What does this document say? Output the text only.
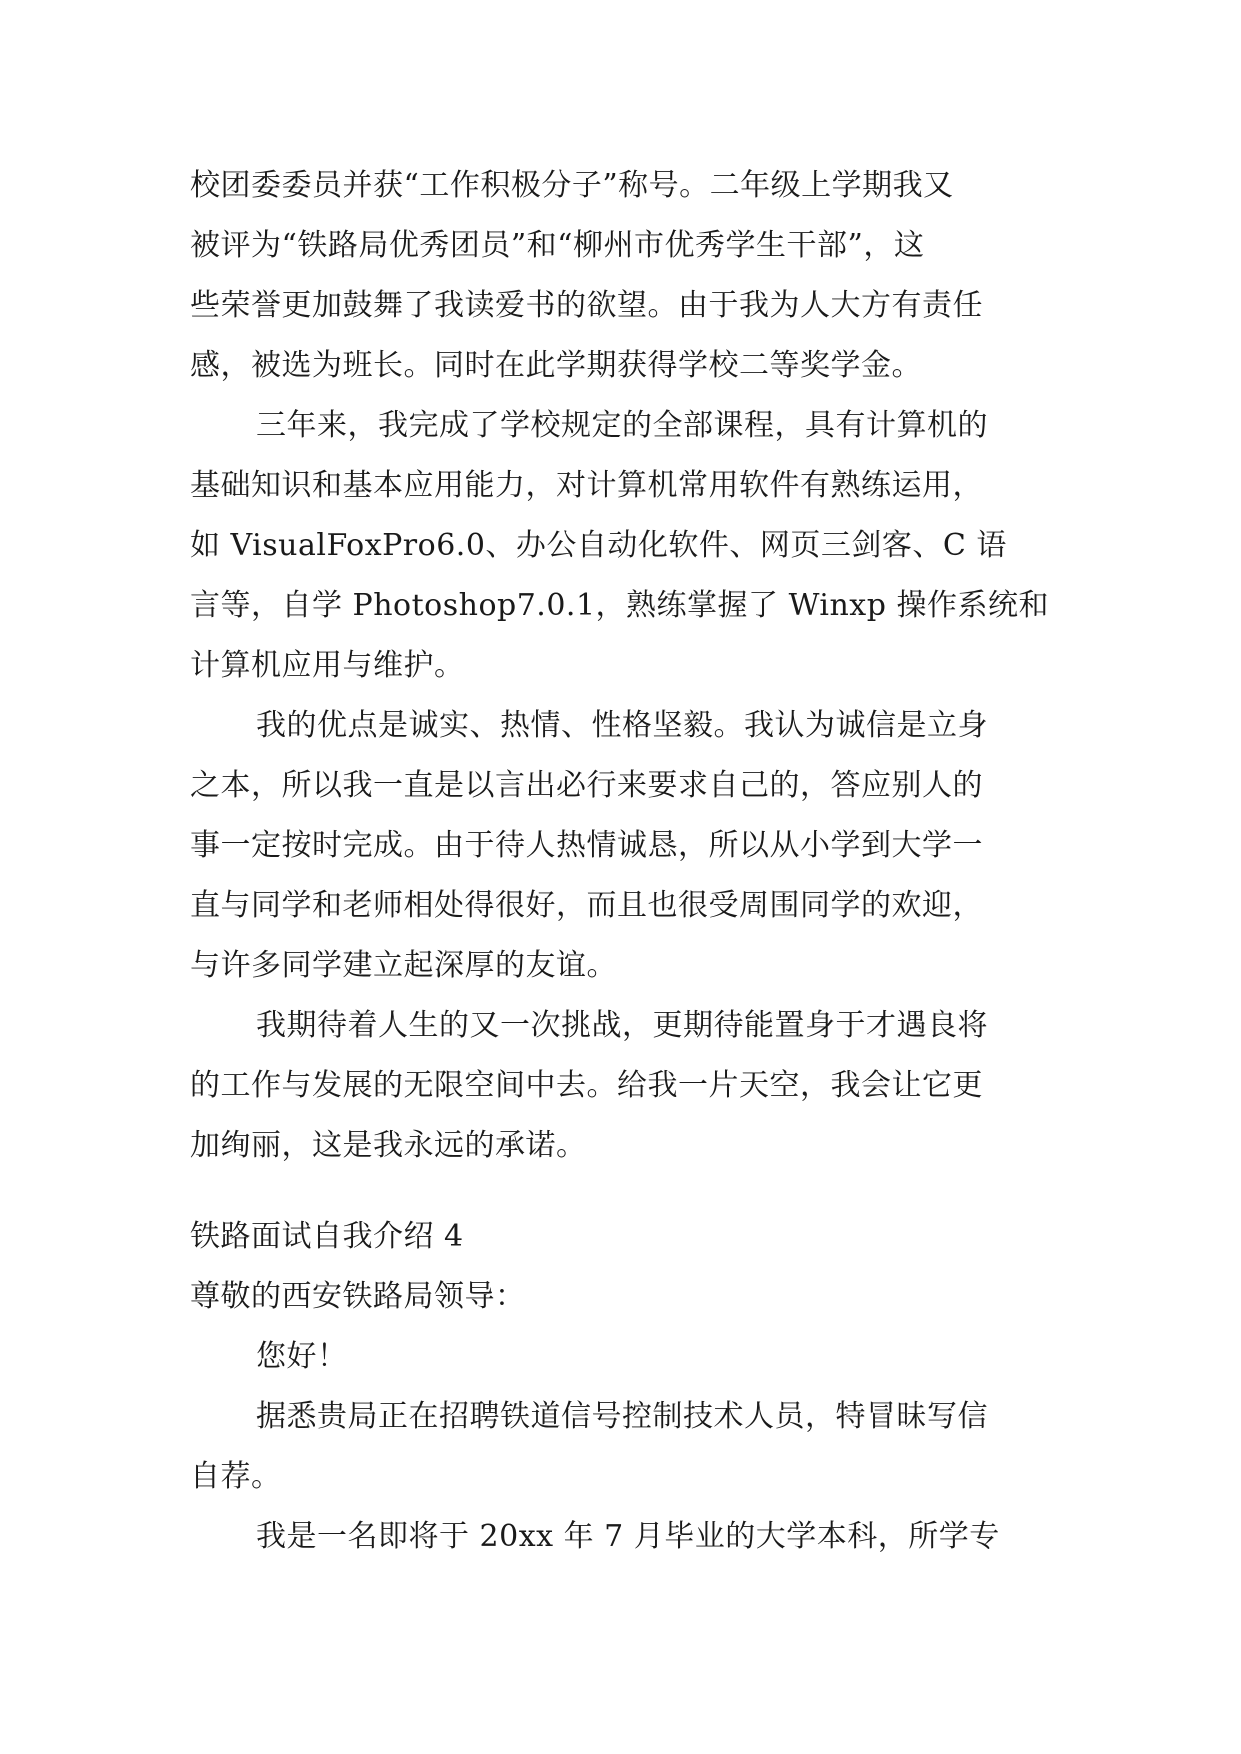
校团委委员并获“工作积极分子”称号。二年级上学期我又
被评为“铁路局优秀团员”和“柳州市优秀学生干部”，这
些荣誉更加鼓舞了我读爱书的欲望。由于我为人大方有责任
感，被选为班长。同时在此学期获得学校二等奖学金。
三年来，我完成了学校规定的全部课程，具有计算机的
基础知识和基本应用能力，对计算机常用软件有熟练运用，
如 VisualFoxPro6.0、办公自动化软件、网页三剑客、C 语
言等，自学 Photoshop7.0.1，熟练掌握了 Winxp 操作系统和
计算机应用与维护。
我的优点是诚实、热情、性格坚毅。我认为诚信是立身
之本，所以我一直是以言出必行来要求自己的，答应别人的
事一定按时完成。由于待人热情诚恳，所以从小学到大学一
直与同学和老师相处得很好，而且也很受周围同学的欢迎，
与许多同学建立起深厚的友谊。
我期待着人生的又一次挑战，更期待能置身于才遇良将
的工作与发展的无限空间中去。给我一片天空，我会让它更
加绚丽，这是我永远的承诺。
铁路面试自我介绍 4
尊敬的西安铁路局领导：
您好！
据悉贵局正在招聘铁道信号控制技术人员，特冒昧写信
自荐。
我是一名即将于 20xx 年 7 月毕业的大学本科，所学专
